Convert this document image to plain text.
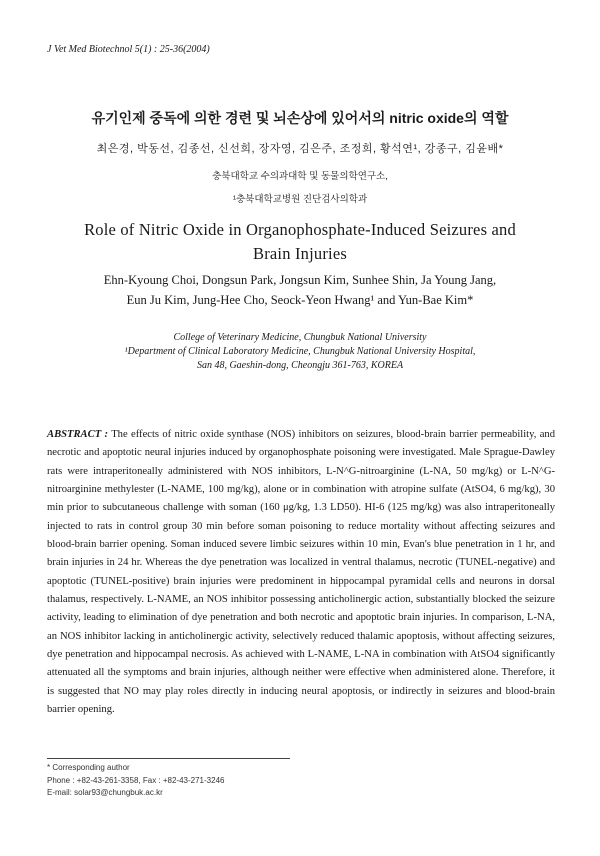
J Vet Med Biotechnol 5(1) : 25-36(2004)
유기인제 중독에 의한 경련 및 뇌손상에 있어서의 nitric oxide의 역할
최은경, 박동선, 김종선, 신선희, 장자영, 김은주, 조정희, 황석연¹, 강종구, 김윤배*
충북대학교 수의과대학 및 동물의학연구소,
¹충북대학교병원 진단검사의학과
Role of Nitric Oxide in Organophosphate-Induced Seizures and
Brain Injuries
Ehn-Kyoung Choi, Dongsun Park, Jongsun Kim, Sunhee Shin, Ja Young Jang,
Eun Ju Kim, Jung-Hee Cho, Seock-Yeon Hwang¹ and Yun-Bae Kim*
College of Veterinary Medicine, Chungbuk National University
¹Department of Clinical Laboratory Medicine, Chungbuk National University Hospital,
San 48, Gaeshin-dong, Cheongju 361-763, KOREA
ABSTRACT : The effects of nitric oxide synthase (NOS) inhibitors on seizures, blood-brain barrier permeability, and necrotic and apoptotic neural injuries induced by organophosphate poisoning were investigated. Male Sprague-Dawley rats were intraperitoneally administered with NOS inhibitors, L-N^G-nitroarginine (L-NA, 50 mg/kg) or L-N^G-nitroarginine methylester (L-NAME, 100 mg/kg), alone or in combination with atropine sulfate (AtSO4, 6 mg/kg), 30 min prior to subcutaneous challenge with soman (160 μg/kg, 1.3 LD50). HI-6 (125 mg/kg) was also intraperitoneally injected to rats in control group 30 min before soman poisoning to reduce mortality without affecting seizures and blood-brain barrier opening. Soman induced severe limbic seizures within 10 min, Evan's blue penetration in 1 hr, and brain injuries in 24 hr. Whereas the dye penetration was localized in ventral thalamus, necrotic (TUNEL-negative) and apoptotic (TUNEL-positive) brain injuries were predominent in hippocampal pyramidal cells and neurons in dorsal thalamus, respectively. L-NAME, an NOS inhibitor possessing anticholinergic action, substantially blocked the seizure activity, leading to elimination of dye penetration and both necrotic and apoptotic brain injuries. In comparison, L-NA, an NOS inhibitor lacking in anticholinergic activity, selectively reduced thalamic apoptosis, without affecting seizures, dye penetration and hippocampal necrosis. As achieved with L-NAME, L-NA in combination with AtSO4 significantly attenuated all the symptoms and brain injuries, although neither were effective when administered alone. Therefore, it is suggested that NO may play roles directly in inducing neural apoptosis, or indirectly in seizures and blood-brain barrier opening.
* Corresponding author
Phone : +82-43-261-3358, Fax : +82-43-271-3246
E-mail: solar93@chungbuk.ac.kr
